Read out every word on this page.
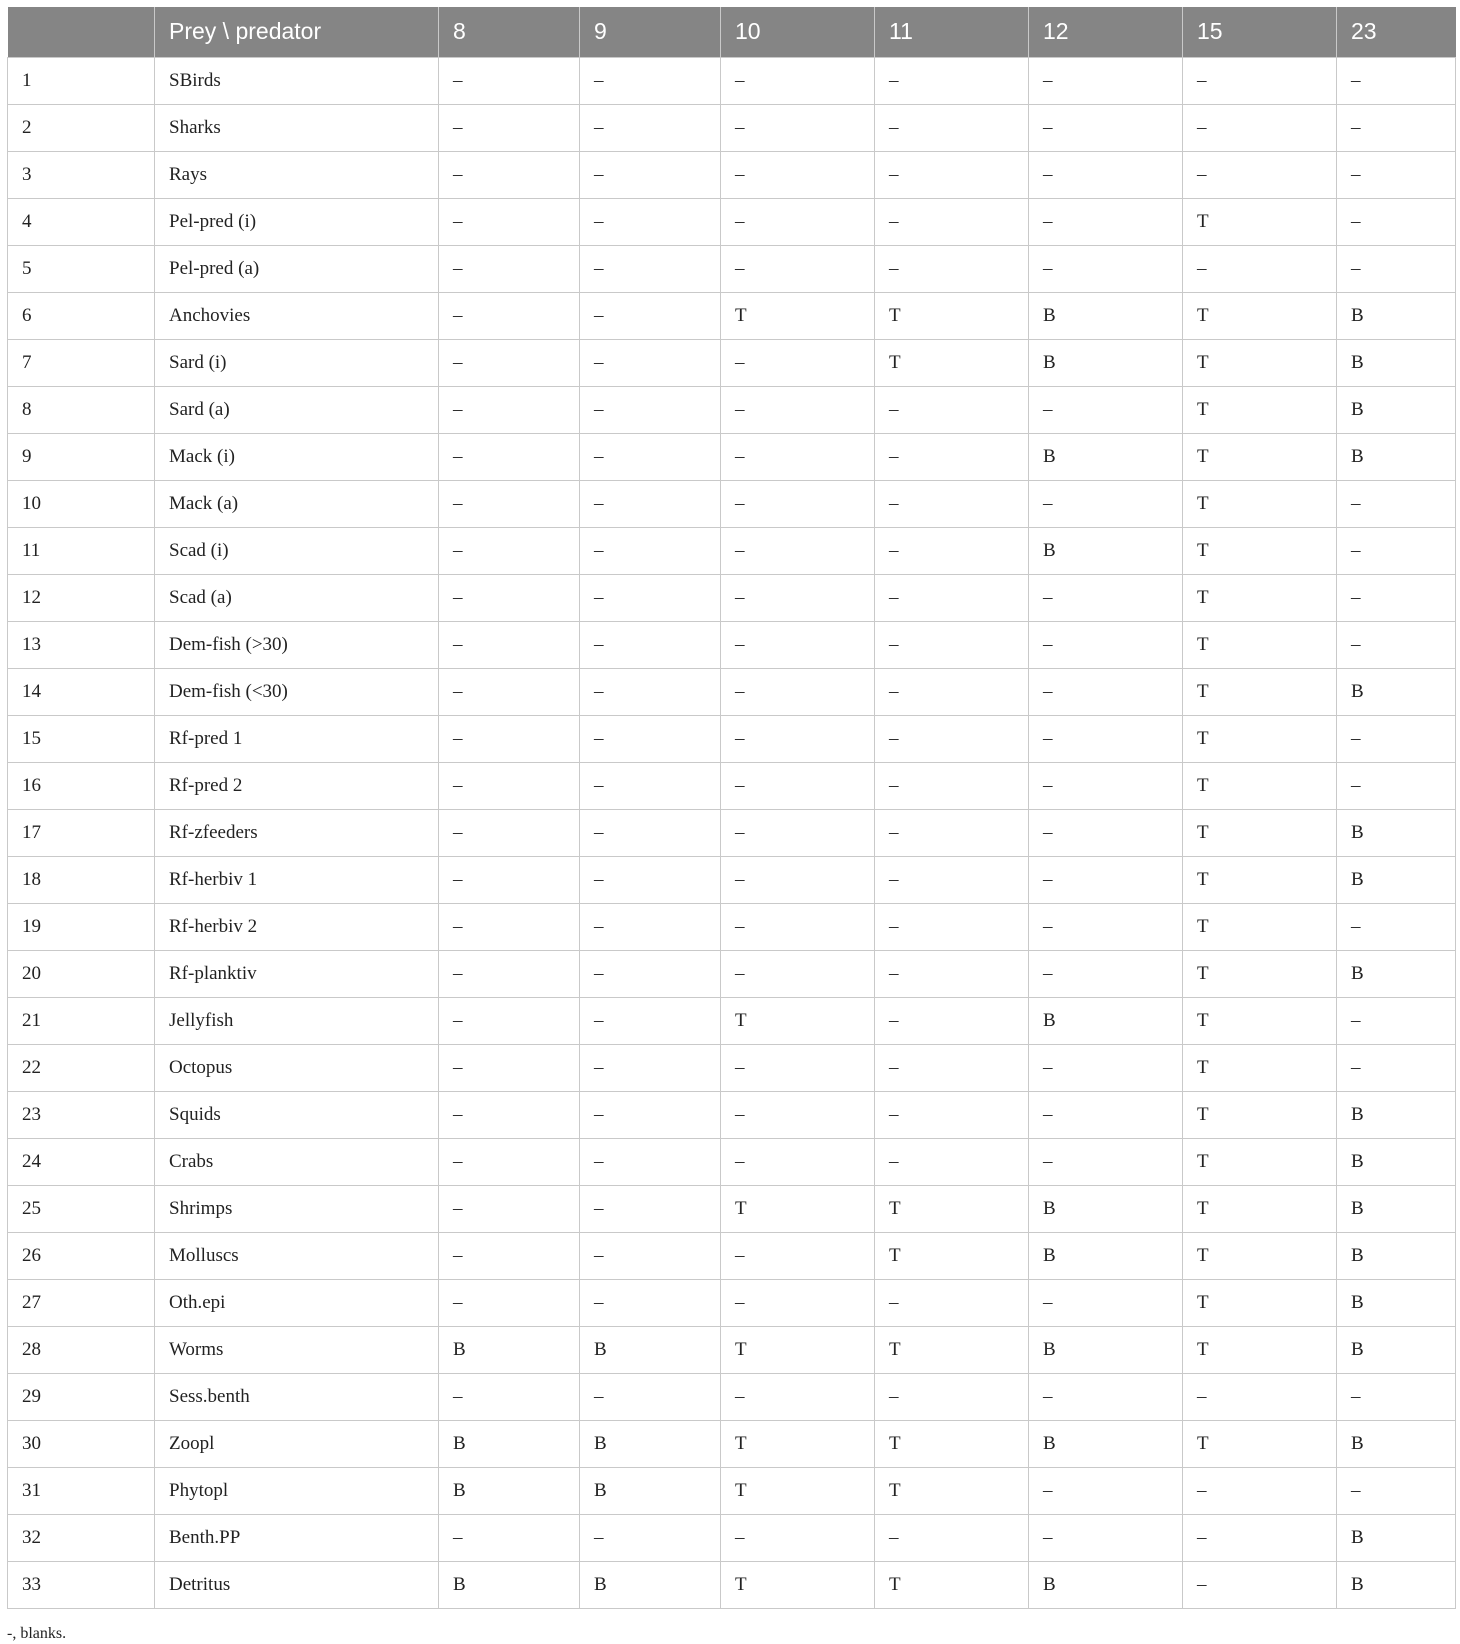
	Prey \ predator	8	9	10	11	12	15	23
1	SBirds	–	–	–	–	–	–	–
2	Sharks	–	–	–	–	–	–	–
3	Rays	–	–	–	–	–	–	–
4	Pel-pred (i)	–	–	–	–	–	T	–
5	Pel-pred (a)	–	–	–	–	–	–	–
6	Anchovies	–	–	T	T	B	T	B
7	Sard (i)	–	–	–	T	B	T	B
8	Sard (a)	–	–	–	–	–	T	B
9	Mack (i)	–	–	–	–	B	T	B
10	Mack (a)	–	–	–	–	–	T	–
11	Scad (i)	–	–	–	–	B	T	–
12	Scad (a)	–	–	–	–	–	T	–
13	Dem-fish (>30)	–	–	–	–	–	T	–
14	Dem-fish (<30)	–	–	–	–	–	T	B
15	Rf-pred 1	–	–	–	–	–	T	–
16	Rf-pred 2	–	–	–	–	–	T	–
17	Rf-zfeeders	–	–	–	–	–	T	B
18	Rf-herbiv 1	–	–	–	–	–	T	B
19	Rf-herbiv 2	–	–	–	–	–	T	–
20	Rf-planktiv	–	–	–	–	–	T	B
21	Jellyfish	–	–	T	–	B	T	–
22	Octopus	–	–	–	–	–	T	–
23	Squids	–	–	–	–	–	T	B
24	Crabs	–	–	–	–	–	T	B
25	Shrimps	–	–	T	T	B	T	B
26	Molluscs	–	–	–	T	B	T	B
27	Oth.epi	–	–	–	–	–	T	B
28	Worms	B	B	T	T	B	T	B
29	Sess.benth	–	–	–	–	–	–	–
30	Zoopl	B	B	T	T	B	T	B
31	Phytopl	B	B	T	T	–	–	–
32	Benth.PP	–	–	–	–	–	–	B
33	Detritus	B	B	T	T	B	–	B
-, blanks.
